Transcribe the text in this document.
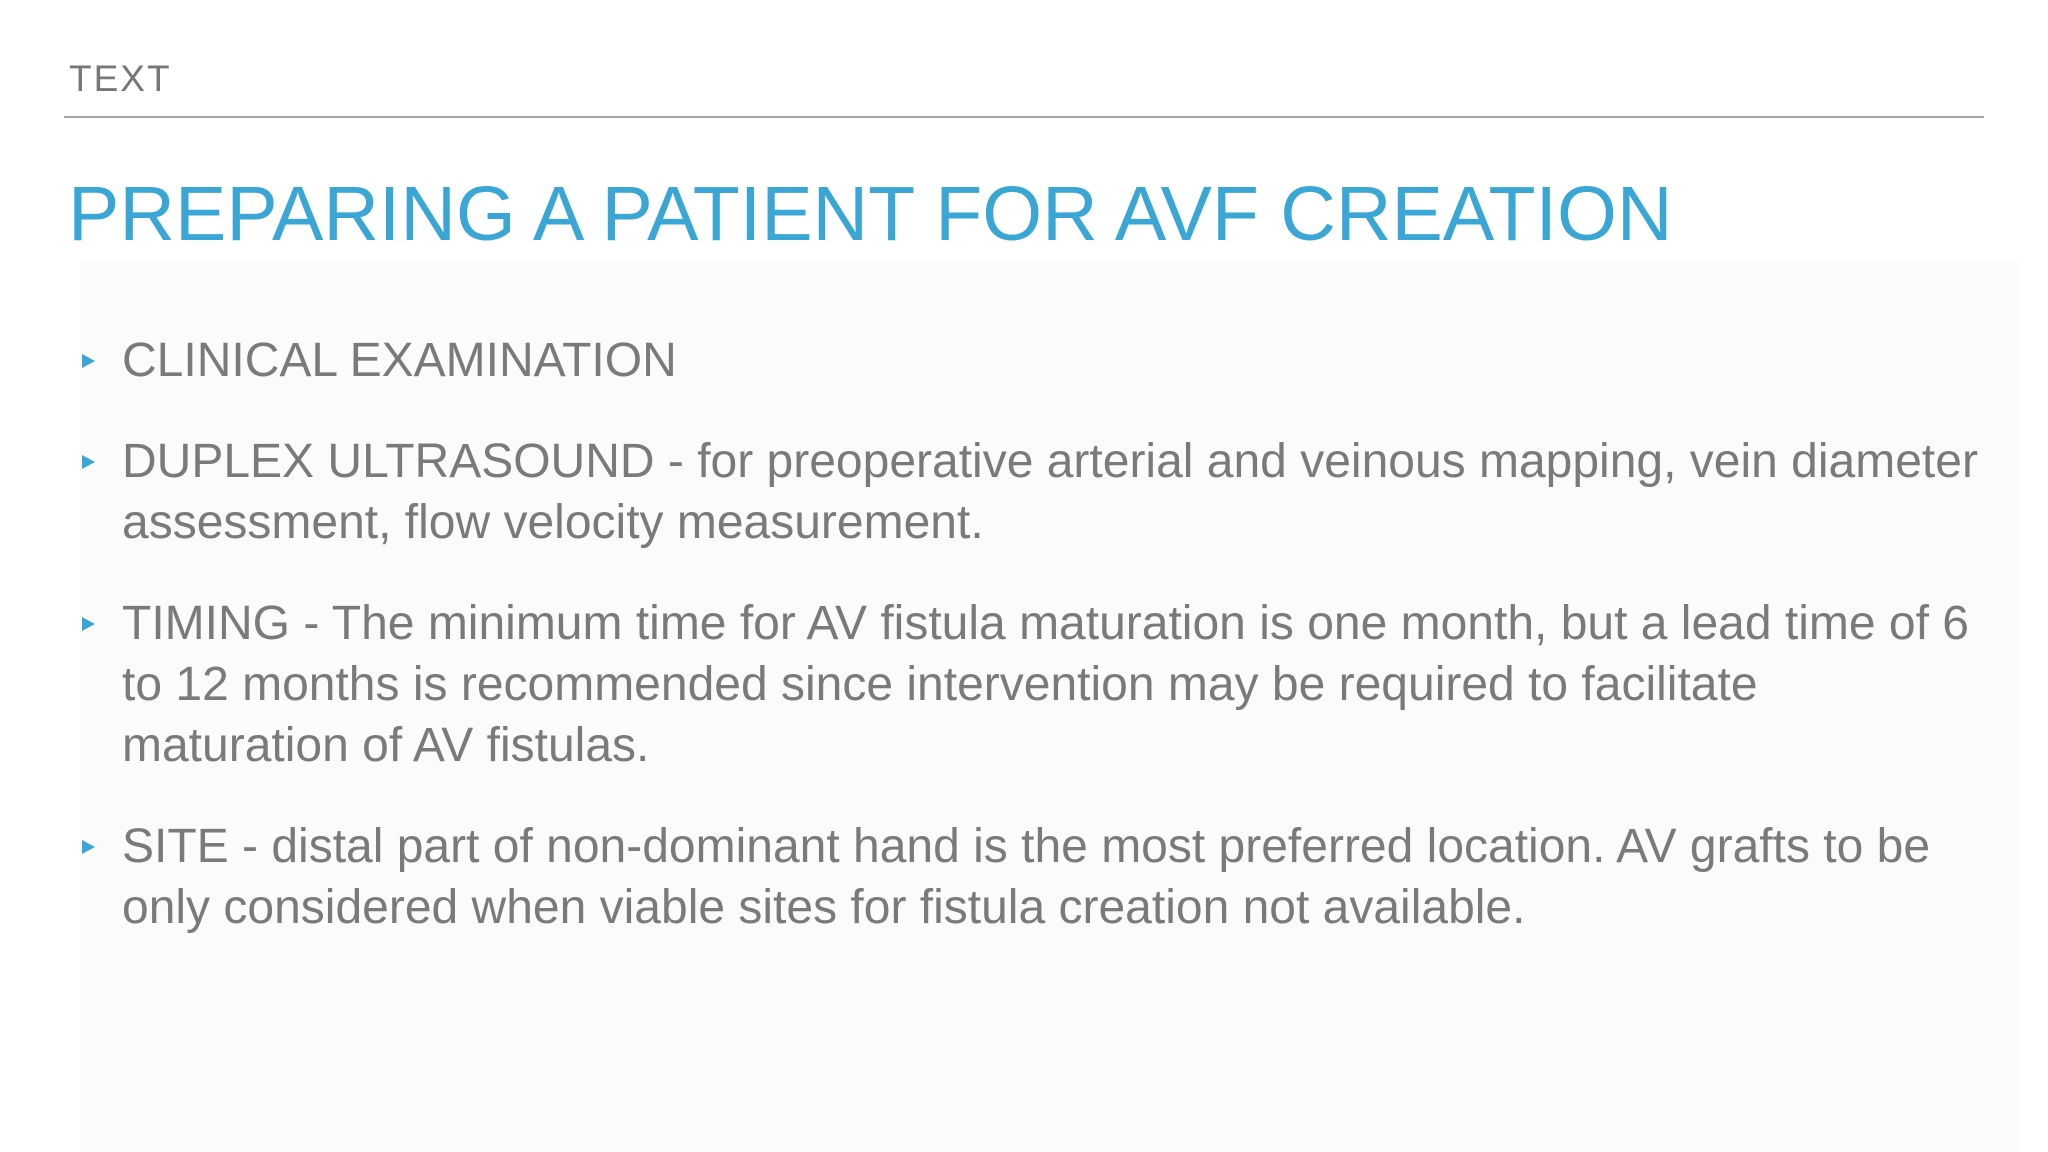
TEXT
PREPARING A PATIENT FOR AVF CREATION
CLINICAL EXAMINATION
DUPLEX ULTRASOUND - for preoperative arterial and veinous mapping, vein diameter assessment, flow velocity measurement.
TIMING - The minimum time for AV fistula maturation is one month, but a lead time of 6 to 12 months is recommended since intervention may be required to facilitate maturation of AV fistulas.
SITE - distal part of non-dominant hand is the most preferred location. AV grafts to be only considered when viable sites for fistula creation not available.
